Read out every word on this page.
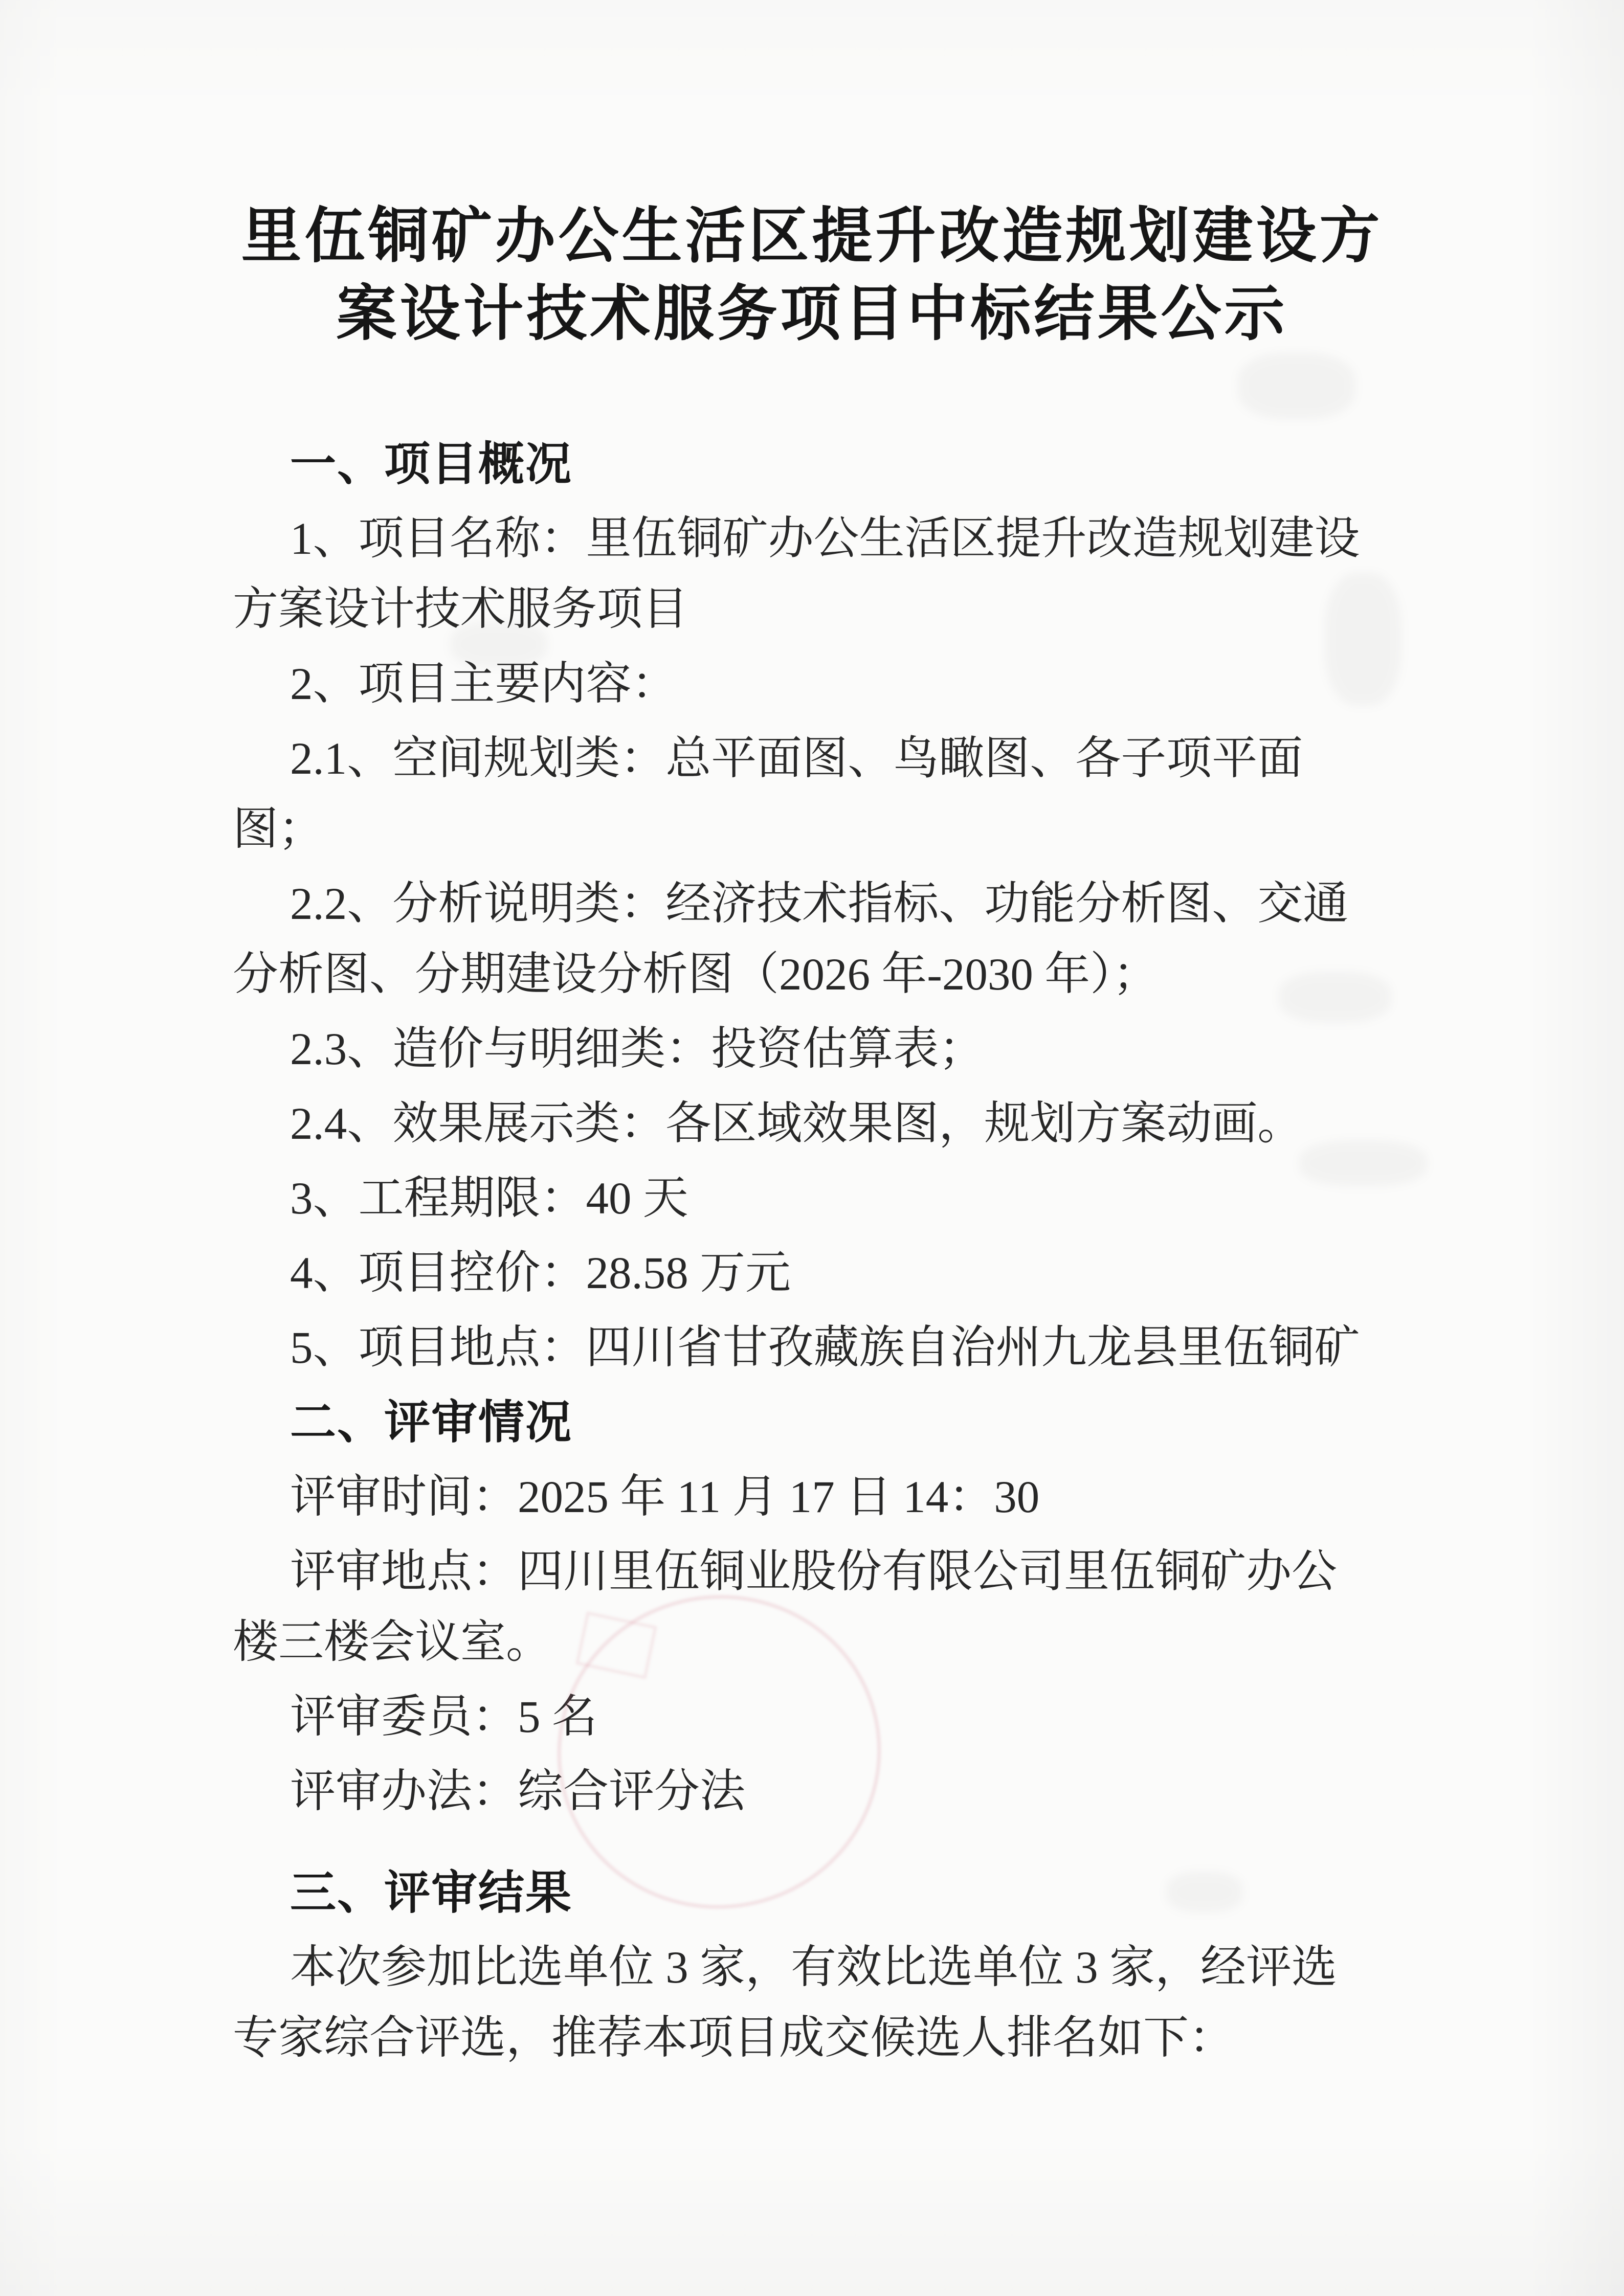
里伍铜矿办公生活区提升改造规划建设方
案设计技术服务项目中标结果公示
一、项目概况
1、项目名称：里伍铜矿办公生活区提升改造规划建设
方案设计技术服务项目
2、项目主要内容：
2.1、空间规划类：总平面图、鸟瞰图、各子项平面
图；
2.2、分析说明类：经济技术指标、功能分析图、交通
分析图、分期建设分析图（2026 年-2030 年）；
2.3、造价与明细类：投资估算表；
2.4、效果展示类：各区域效果图，规划方案动画。
3、工程期限：40 天
4、项目控价：28.58 万元
5、项目地点：四川省甘孜藏族自治州九龙县里伍铜矿
二、评审情况
评审时间：2025 年 11 月 17 日 14：30
评审地点：四川里伍铜业股份有限公司里伍铜矿办公
楼三楼会议室。
评审委员：5 名
评审办法：综合评分法
三、评审结果
本次参加比选单位 3 家，有效比选单位 3 家，经评选
专家综合评选，推荐本项目成交候选人排名如下：
